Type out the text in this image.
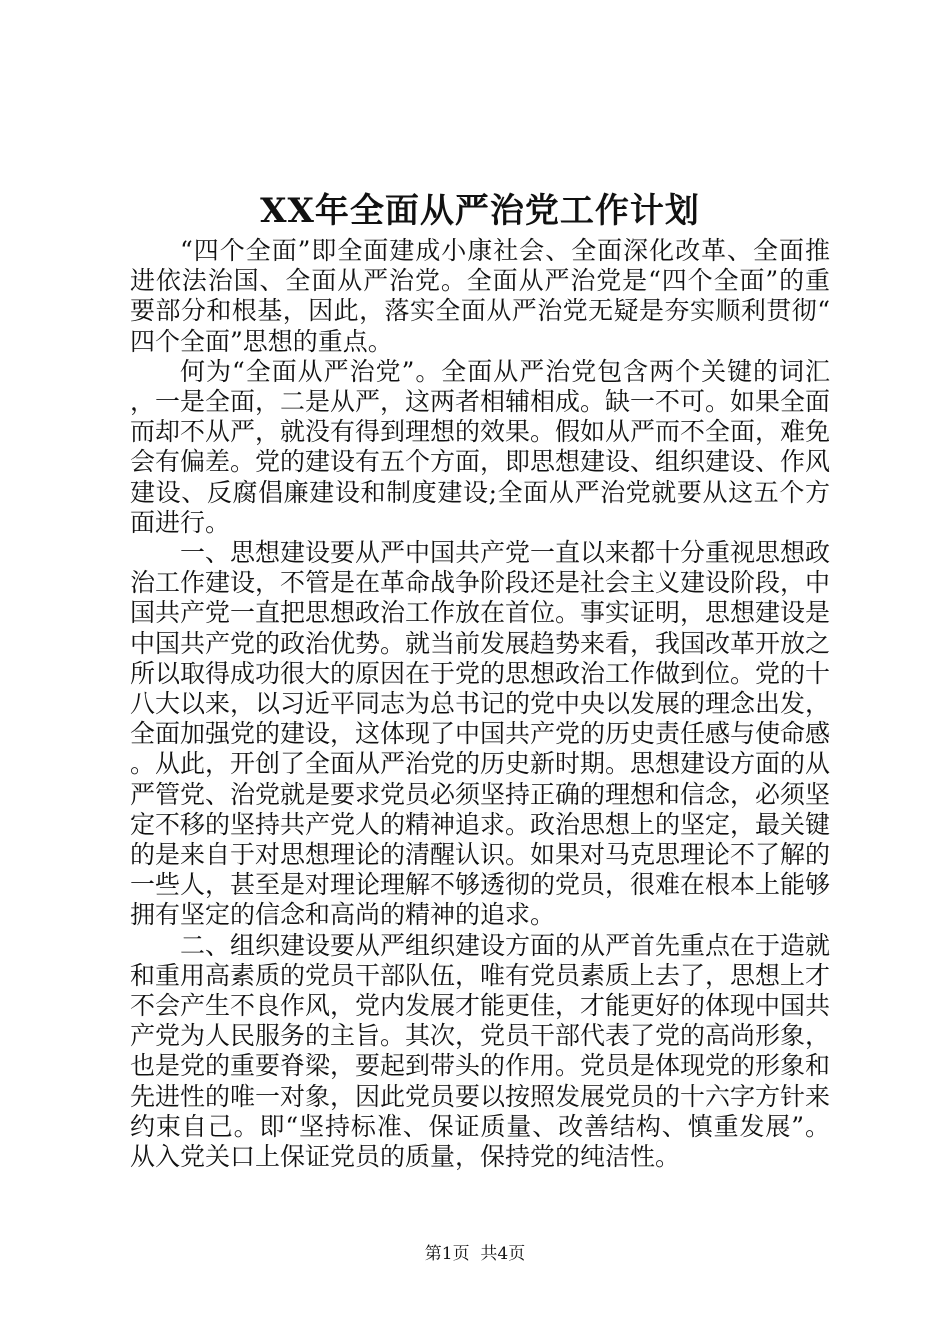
XX年全面从严治党工作计划

“四个全面”即全面建成小康社会、全面深化改革、全面推进依法治国、全面从严治党。全面从严治党是“四个全面”的重要部分和根基，因此，落实全面从严治党无疑是夯实顺利贯彻“四个全面”思想的重点。

何为“全面从严治党”。全面从严治党包含两个关键的词汇，一是全面，二是从严，这两者相辅相成。缺一不可。如果全面而却不从严，就没有得到理想的效果。假如从严而不全面，难免会有偏差。党的建设有五个方面，即思想建设、组织建设、作风建设、反腐倡廉建设和制度建设;全面从严治党就要从这五个方面进行。

一、思想建设要从严中国共产党一直以来都十分重视思想政治工作建设，不管是在革命战争阶段还是社会主义建设阶段，中国共产党一直把思想政治工作放在首位。事实证明，思想建设是中国共产党的政治优势。就当前发展趋势来看，我国改革开放之所以取得成功很大的原因在于党的思想政治工作做到位。党的十八大以来，以习近平同志为总书记的党中央以发展的理念出发，全面加强党的建设，这体现了中国共产党的历史责任感与使命感。从此，开创了全面从严治党的历史新时期。思想建设方面的从严管党、治党就是要求党员必须坚持正确的理想和信念，必须坚定不移的坚持共产党人的精神追求。政治思想上的坚定，最关键的是来自于对思想理论的清醒认识。如果对马克思理论不了解的一些人，甚至是对理论理解不够透彻的党员，很难在根本上能够拥有坚定的信念和高尚的精神的追求。

二、组织建设要从严组织建设方面的从严首先重点在于造就和重用高素质的党员干部队伍，唯有党员素质上去了，思想上才不会产生不良作风，党内发展才能更佳，才能更好的体现中国共产党为人民服务的主旨。其次，党员干部代表了党的高尚形象，也是党的重要脊梁，要起到带头的作用。党员是体现党的形象和先进性的唯一对象，因此党员要以按照发展党员的十六字方针来约束自己。即“坚持标准、保证质量、改善结构、慎重发展”。从入党关口上保证党员的质量，保持党的纯洁性。

第1页 共4页
